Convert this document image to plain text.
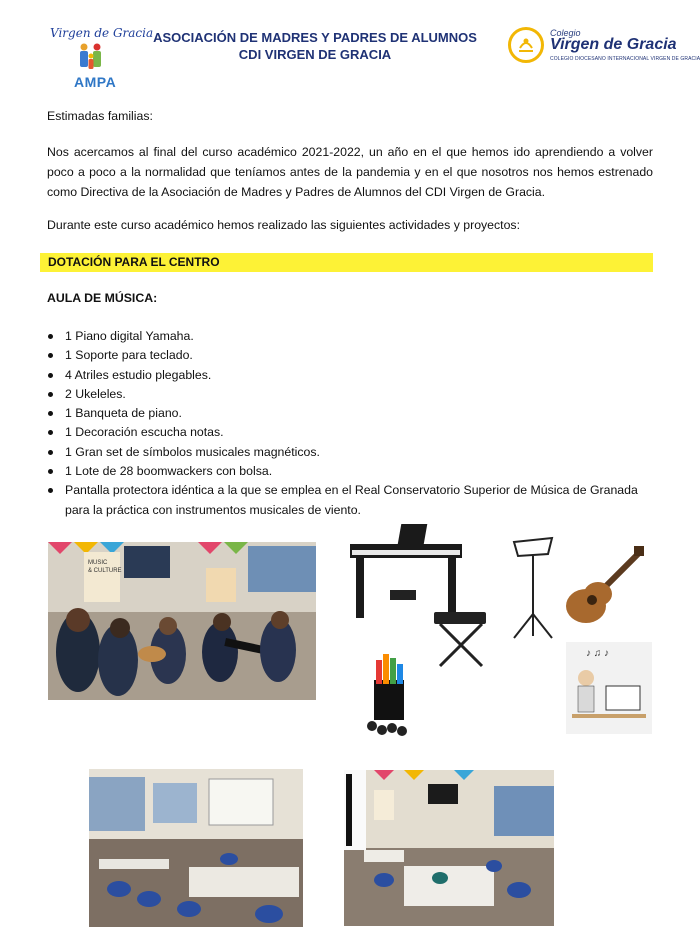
Virgen de Gracia
AMPA
ASOCIACIÓN DE MADRES Y PADRES DE ALUMNOS
CDI VIRGEN DE GRACIA
Colegio
Virgen de Gracia
COLEGIO DIOCESANO INTERNACIONAL VIRGEN DE GRACIA
Estimadas familias:
Nos acercamos al final del curso académico 2021-2022, un año en el que hemos ido aprendiendo a volver poco a poco a la normalidad que teníamos antes de la pandemia y en el que nosotros nos hemos estrenado como Directiva de la Asociación de Madres y Padres de Alumnos del CDI Virgen de Gracia.
Durante este curso académico hemos realizado las siguientes actividades y proyectos:
DOTACIÓN PARA EL CENTRO
AULA DE MÚSICA:
1 Piano digital Yamaha.
1 Soporte para teclado.
4 Atriles estudio plegables.
2 Ukeleles.
1 Banqueta de piano.
1 Decoración escucha notas.
1 Gran set de símbolos musicales magnéticos.
1 Lote de 28 boomwackers con bolsa.
Pantalla protectora idéntica a la que se emplea en el Real Conservatorio Superior de Música de Granada para la práctica con instrumentos musicales de viento.
MUSIC
& CULTURE
♪ ♫ ♪
